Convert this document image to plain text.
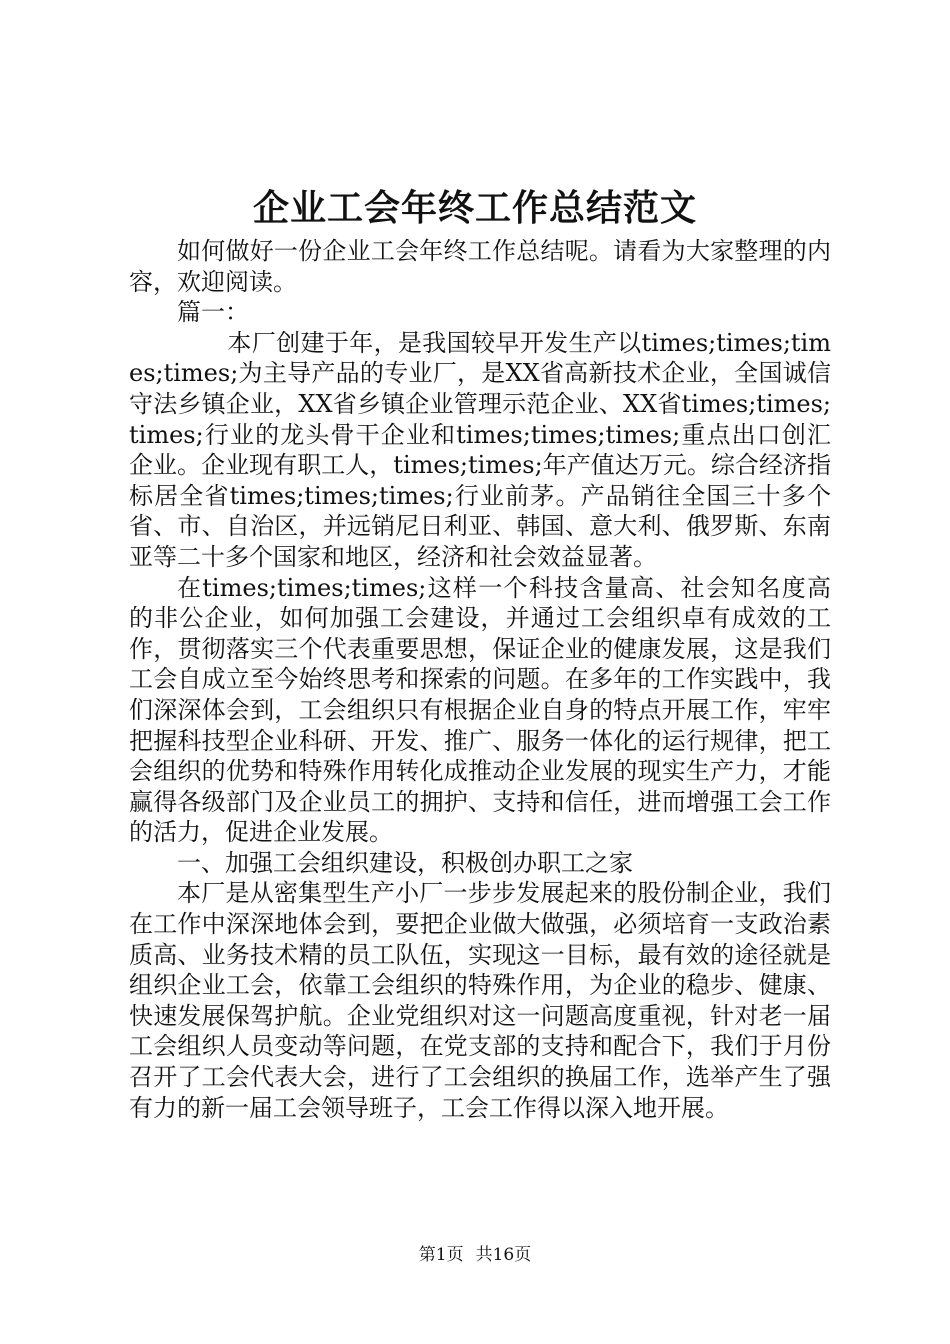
企业工会年终工作总结范文

如何做好一份企业工会年终工作总结呢。请看为大家整理的内容，欢迎阅读。

篇一：

本厂创建于年，是我国较早开发生产以times;times;times;times;为主导产品的专业厂，是XX省高新技术企业，全国诚信守法乡镇企业，XX省乡镇企业管理示范企业、XX省times;times;times;行业的龙头骨干企业和times;times;times;重点出口创汇企业。企业现有职工人，times;times;年产值达万元。综合经济指标居全省times;times;times;行业前茅。产品销往全国三十多个省、市、自治区，并远销尼日利亚、韩国、意大利、俄罗斯、东南亚等二十多个国家和地区，经济和社会效益显著。

在times;times;times;这样一个科技含量高、社会知名度高的非公企业，如何加强工会建设，并通过工会组织卓有成效的工作，贯彻落实三个代表重要思想，保证企业的健康发展，这是我们工会自成立至今始终思考和探索的问题。在多年的工作实践中，我们深深体会到，工会组织只有根据企业自身的特点开展工作，牢牢把握科技型企业科研、开发、推广、服务一体化的运行规律，把工会组织的优势和特殊作用转化成推动企业发展的现实生产力，才能赢得各级部门及企业员工的拥护、支持和信任，进而增强工会工作的活力，促进企业发展。

一、加强工会组织建设，积极创办职工之家

本厂是从密集型生产小厂一步步发展起来的股份制企业，我们在工作中深深地体会到，要把企业做大做强，必须培育一支政治素质高、业务技术精的员工队伍，实现这一目标，最有效的途径就是组织企业工会，依靠工会组织的特殊作用，为企业的稳步、健康、快速发展保驾护航。企业党组织对这一问题高度重视，针对老一届工会组织人员变动等问题，在党支部的支持和配合下，我们于月份召开了工会代表大会，进行了工会组织的换届工作，选举产生了强有力的新一届工会领导班子，工会工作得以深入地开展。

第1页 共16页
